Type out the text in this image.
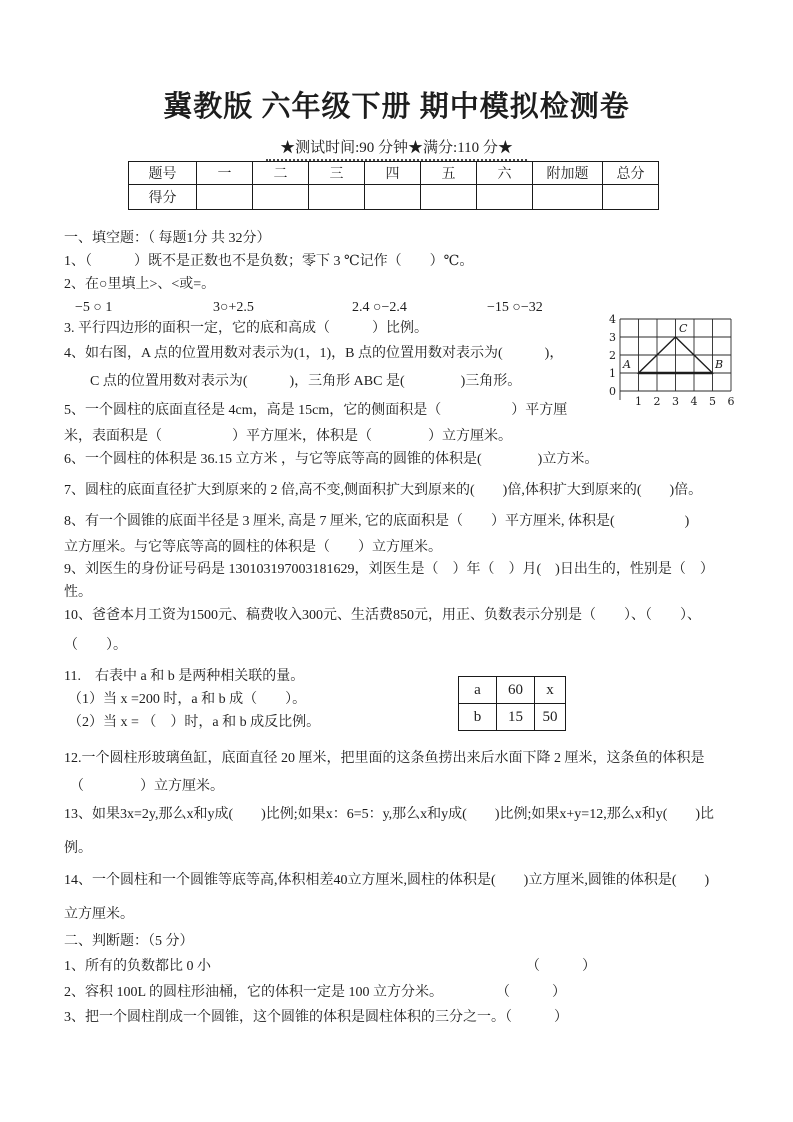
冀教版 六年级下册 期中模拟检测卷
★测试时间:90 分钟★满分:110 分★
题号	一	二	三	四	五	六	附加题	总分
得分								
一、填空题：（ 每题1分 共 32分）
1、（　　　）既不是正数也不是负数；零下 3 ℃记作（　　）℃。
2、在○里填上>、<或=。
−5 ○ 1	3○+2.5	2.4 ○−2.4	−15 ○−32
3. 平行四边形的面积一定，它的底和高成（　　　）比例。
4、如右图，A 点的位置用数对表示为(1，1)，B 点的位置用数对表示为(　　　)，
C 点的位置用数对表示为(　　　)，三角形 ABC 是(　　　　)三角形。
5、一个圆柱的底面直径是 4cm，高是 15cm，它的侧面积是（　　　　　）平方厘
米，表面积是（　　　　　）平方厘米，体积是（　　　　）立方厘米。
6、一个圆柱的体积是 36.15 立方米 ，与它等底等高的圆锥的体积是(　　　　)立方米。
7、圆柱的底面直径扩大到原来的 2 倍,高不变,侧面积扩大到原来的(　　)倍,体积扩大到原来的(　　)倍。
8、有一个圆锥的底面半径是 3 厘米, 高是 7 厘米, 它的底面积是（　　）平方厘米, 体积是(　　　　　)
立方厘米。与它等底等高的圆柱的体积是（　　）立方厘米。
9、刘医生的身份证号码是 130103197003181629，刘医生是（　）年（　）月(　)日出生的，性别是（　）
性。
10、爸爸本月工资为1500元、稿费收入300元、生活费850元，用正、负数表示分别是（　　）、（　　）、
（　　）。
11.　右表中 a 和 b 是两种相关联的量。
（1）当 x =200 时，a 和 b 成（　　）。
（2）当 x = （　）时，a 和 b 成反比例。
12.一个圆柱形玻璃鱼缸，底面直径 20 厘米，把里面的这条鱼捞出来后水面下降 2 厘米，这条鱼的体积是
（　　　　）立方厘米。
13、如果3x=2y,那么x和y成(　　)比例;如果x：6=5：y,那么x和y成(　　)比例;如果x+y=12,那么x和y(　　)比
例。
14、一个圆柱和一个圆锥等底等高,体积相差40立方厘米,圆柱的体积是(　　)立方厘米,圆锥的体积是(　　)
立方厘米。
二、判断题：（5 分）
1、所有的负数都比 0 小	（　　　）
2、容积 100L 的圆柱形油桶，它的体积一定是 100 立方分米。	（　　　）
3、把一个圆柱削成一个圆锥，这个圆锥的体积是圆柱体积的三分之一。（　　　）
4
3
2
1
0
1 2 3 4 5 6
A	B
C
a	60	x
b	15	50
